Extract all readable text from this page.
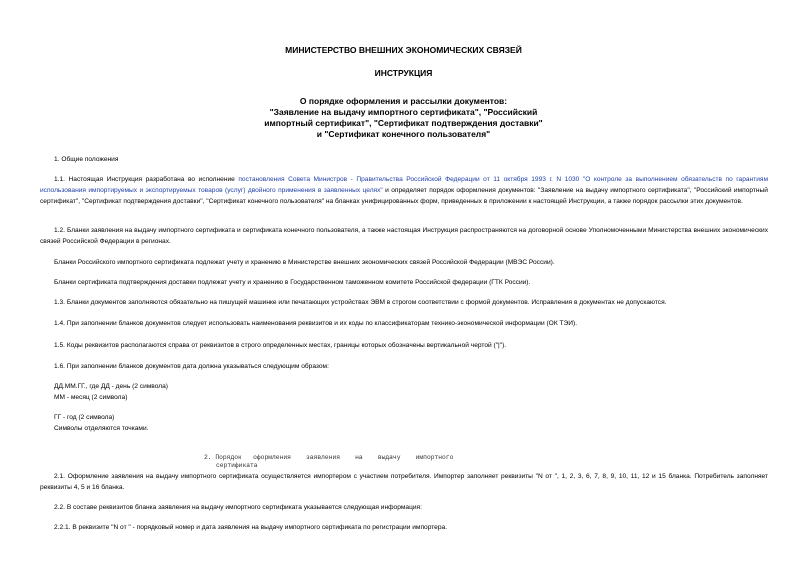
МИНИСТЕРСТВО ВНЕШНИХ ЭКОНОМИЧЕСКИХ СВЯЗЕЙ
ИНСТРУКЦИЯ
О порядке оформления и рассылки документов:
"Заявление на выдачу импортного сертификата", "Российский
импортный сертификат", "Сертификат подтверждения доставки"
и "Сертификат конечного пользователя"
1. Общие положения

1.1. Настоящая Инструкция разработана во исполнение постановления Совета Министров - Правительства Российской Федерации от 11 октября 1993 г. N 1030 "О контроле за выполнением обязательств по гарантиям использования импортируемых и экспортируемых товаров (услуг) двойного применения в заявленных целях" и определяет порядок оформления документов: "Заявление на выдачу импортного сертификата", "Российский импортный сертификат", "Сертификат подтверждения доставки", "Сертификат конечного пользователя" на бланках унифицированных форм, приведенных в приложении к настоящей Инструкции, а также порядок рассылки этих документов.

1.2. Бланки заявления на выдачу импортного сертификата и сертификата конечного пользователя, а также настоящая Инструкция распространяются на договорной основе Уполномоченными Министерства внешних экономических связей Российской Федерации в регионах.

Бланки Российского импортного сертификата подлежат учету и хранению в Министерстве внешних экономических связей Российской Федерации (МВЭС России).

Бланки сертификата подтверждения доставки подлежат учету и хранению в Государственном таможенном комитете Российской федерации (ГТК России).

1.3. Бланки документов заполняются обязательно на пишущей машинке или печатающих устройствах ЭВМ в строгом соответствии с формой документов. Исправления в документах не допускаются.

1.4. При заполнении бланков документов следует использовать наименования реквизитов и их коды по классификаторам технико-экономической информации (ОК ТЭИ).

1.5. Коды реквизитов располагаются справа от реквизитов в строго определенных местах, границы которых обозначены вертикальной чертой ("|").

1.6. При заполнении бланков документов дата должна указываться следующим образом:

ДД.ММ.ГГ., где ДД - день (2 символа)
ММ - месяц (2 символа)
ГГ - год (2 символа)
Символы отделяются точками.
2. Порядок   оформления    заявления    на    выдачу    импортного
сертификата

2.1. Оформление заявления на выдачу импортного сертификата осуществляется импортером с участием потребителя. Импортер заполняет реквизиты "N от ", 1, 2, 3, 6, 7, 8, 9, 10, 11, 12 и 15 бланка. Потребитель заполняет реквизиты 4, 5 и 16 бланка.

2.2. В составе реквизитов бланка заявления на выдачу импортного сертификата указывается следующая информация:

2.2.1. В реквизите "N от " - порядковый номер и дата заявления на выдачу импортного сертификата по регистрации импортера.
